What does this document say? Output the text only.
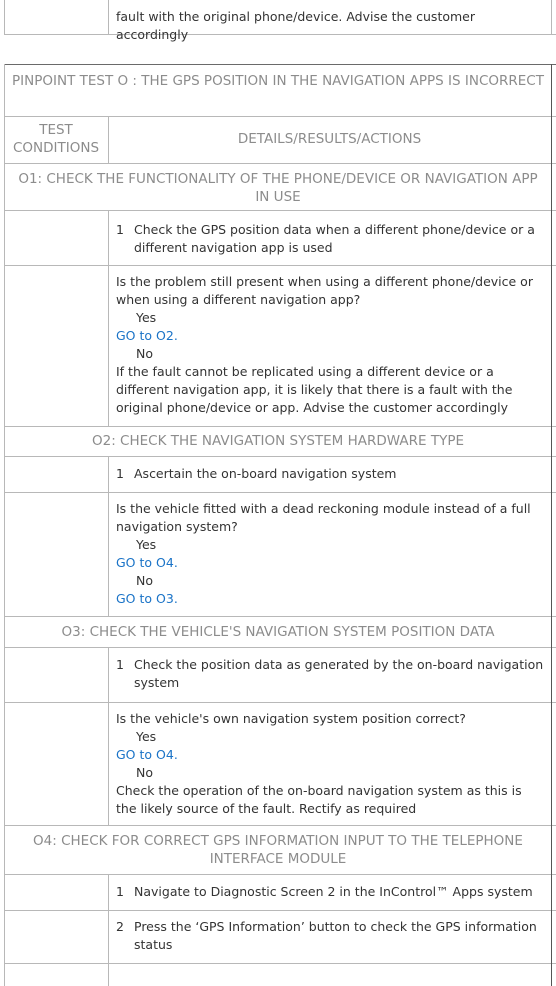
fault with the original phone/device. Advise the customer accordingly
PINPOINT TEST O : THE GPS POSITION IN THE NAVIGATION APPS IS INCORRECT
TEST CONDITIONS
DETAILS/RESULTS/ACTIONS
O1: CHECK THE FUNCTIONALITY OF THE PHONE/DEVICE OR NAVIGATION APP IN USE
1 Check the GPS position data when a different phone/device or a different navigation app is used
Is the problem still present when using a different phone/device or when using a different navigation app?
Yes
GO to O2.
No
If the fault cannot be replicated using a different device or a different navigation app, it is likely that there is a fault with the original phone/device or app. Advise the customer accordingly
O2: CHECK THE NAVIGATION SYSTEM HARDWARE TYPE
1 Ascertain the on-board navigation system
Is the vehicle fitted with a dead reckoning module instead of a full navigation system?
Yes
GO to O4.
No
GO to O3.
O3: CHECK THE VEHICLE'S NAVIGATION SYSTEM POSITION DATA
1 Check the position data as generated by the on-board navigation system
Is the vehicle's own navigation system position correct?
Yes
GO to O4.
No
Check the operation of the on-board navigation system as this is the likely source of the fault. Rectify as required
O4: CHECK FOR CORRECT GPS INFORMATION INPUT TO THE TELEPHONE INTERFACE MODULE
1 Navigate to Diagnostic Screen 2 in the InControl™ Apps system
2 Press the ‘GPS Information’ button to check the GPS information status
